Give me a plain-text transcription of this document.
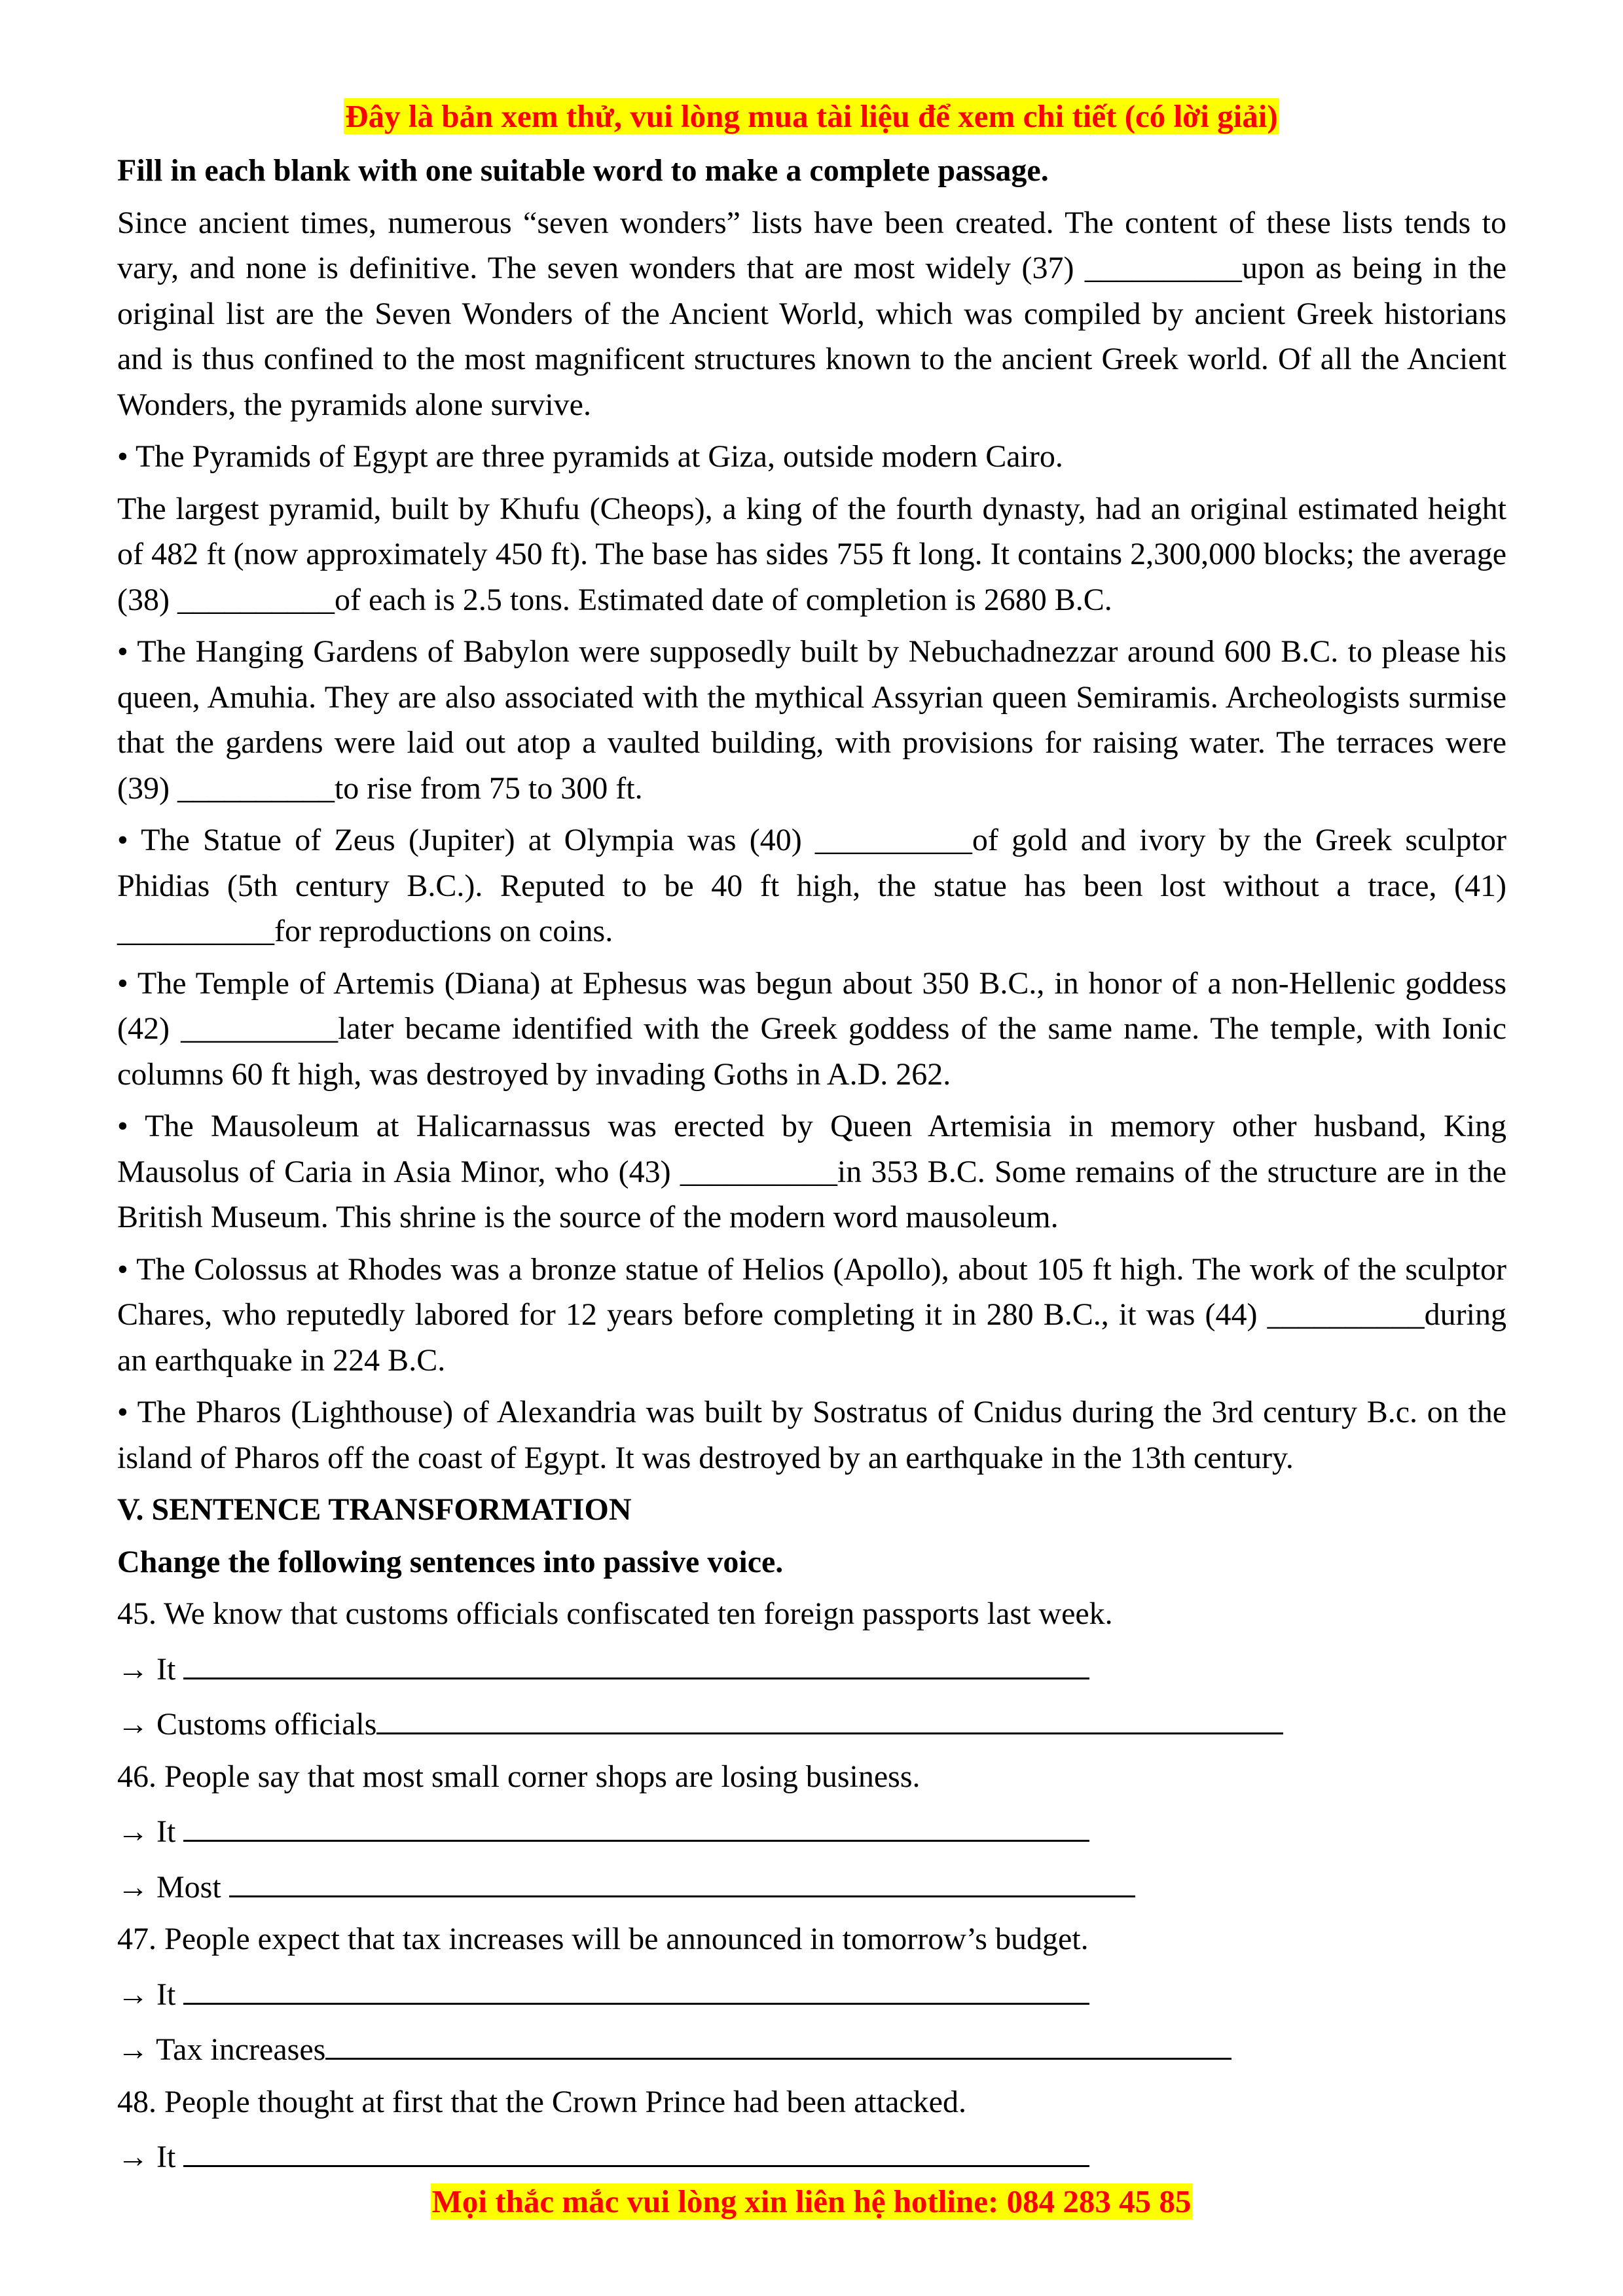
Đây là bản xem thử, vui lòng mua tài liệu để xem chi tiết (có lời giải)

Fill in each blank with one suitable word to make a complete passage.

Since ancient times, numerous “seven wonders” lists have been created. The content of these lists tends to vary, and none is definitive. The seven wonders that are most widely (37) __________upon as being in the original list are the Seven Wonders of the Ancient World, which was compiled by ancient Greek historians and is thus confined to the most magnificent structures known to the ancient Greek world. Of all the Ancient Wonders, the pyramids alone survive.

• The Pyramids of Egypt are three pyramids at Giza, outside modern Cairo.

The largest pyramid, built by Khufu (Cheops), a king of the fourth dynasty, had an original estimated height of 482 ft (now approximately 450 ft). The base has sides 755 ft long. It contains 2,300,000 blocks; the average (38) __________of each is 2.5 tons. Estimated date of completion is 2680 B.C.

• The Hanging Gardens of Babylon were supposedly built by Nebuchadnezzar around 600 B.C. to please his queen, Amuhia. They are also associated with the mythical Assyrian queen Semiramis. Archeologists surmise that the gardens were laid out atop a vaulted building, with provisions for raising water. The terraces were (39) __________to rise from 75 to 300 ft.

• The Statue of Zeus (Jupiter) at Olympia was (40) __________of gold and ivory by the Greek sculptor Phidias (5th century B.C.). Reputed to be 40 ft high, the statue has been lost without a trace, (41) __________for reproductions on coins.

• The Temple of Artemis (Diana) at Ephesus was begun about 350 B.C., in honor of a non-Hellenic goddess (42) __________later became identified with the Greek goddess of the same name. The temple, with Ionic columns 60 ft high, was destroyed by invading Goths in A.D. 262.

• The Mausoleum at Halicarnassus was erected by Queen Artemisia in memory other husband, King Mausolus of Caria in Asia Minor, who (43) __________in 353 B.C. Some remains of the structure are in the British Museum. This shrine is the source of the modern word mausoleum.

• The Colossus at Rhodes was a bronze statue of Helios (Apollo), about 105 ft high. The work of the sculptor Chares, who reputedly labored for 12 years before completing it in 280 B.C., it was (44) __________during an earthquake in 224 B.C.

• The Pharos (Lighthouse) of Alexandria was built by Sostratus of Cnidus during the 3rd century B.c. on the island of Pharos off the coast of Egypt. It was destroyed by an earthquake in the 13th century.

V. SENTENCE TRANSFORMATION

Change the following sentences into passive voice.

45. We know that customs officials confiscated ten foreign passports last week.
→ It
→ Customs officials
46. People say that most small corner shops are losing business.
→ It
→ Most
47. People expect that tax increases will be announced in tomorrow’s budget.
→ It
→ Tax increases
48. People thought at first that the Crown Prince had been attacked.
→ It
Mọi thắc mắc vui lòng xin liên hệ hotline: 084 283 45 85
